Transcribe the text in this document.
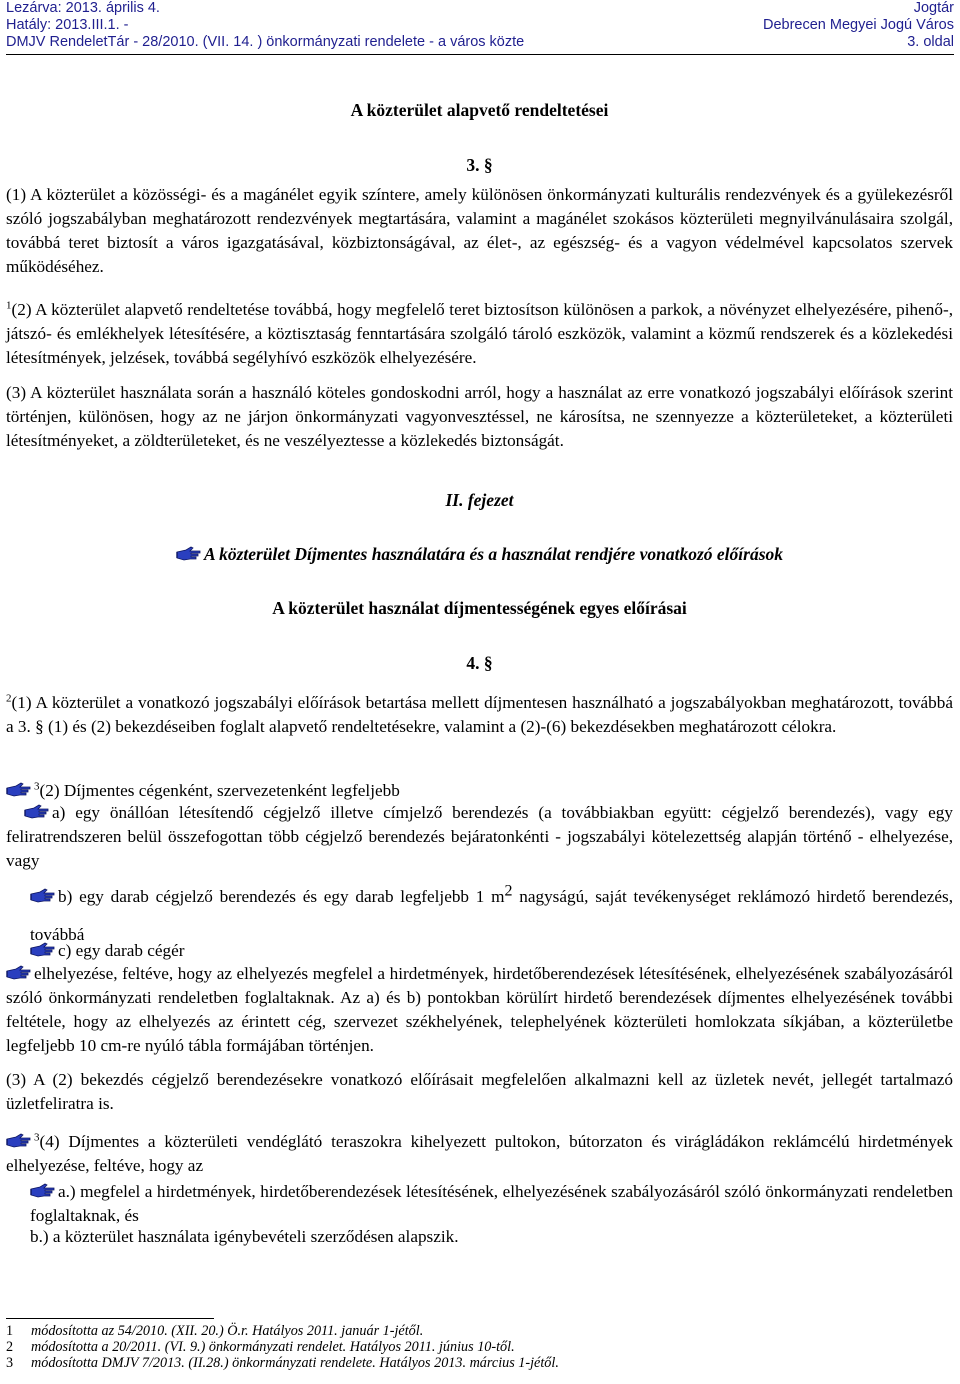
Lezárva: 2013. április 4.
Hatály: 2013.III.1. -
DMJV RendeletTár - 28/2010. (VII. 14. ) önkormányzati rendelete - a város közte
Jogtár
Debrecen Megyei Jogú Város
3. oldal
A közterület alapvető rendeltetései
3. §

(1) A közterület a közösségi- és a magánélet egyik színtere, amely különösen önkormányzati kulturális rendezvények és a gyülekezésről szóló jogszabályban meghatározott rendezvények megtartására, valamint a magánélet szokásos közterületi megnyilvánulásaira szolgál, továbbá teret biztosít a város igazgatásával, közbiztonságával, az élet-, az egészség- és a vagyon védelmével kapcsolatos szervek működéséhez.

$^1$(2) A közterület alapvető rendeltetése továbbá, hogy megfelelő teret biztosítson különösen a parkok, a növényzet elhelyezésére, pihenő-, játszó- és emlékhelyek létesítésére, a köztisztaság fenntartására szolgáló tároló eszközök, valamint a közmű rendszerek és a közlekedési létesítmények, jelzések, továbbá segélyhívó eszközök elhelyezésére.

(3) A közterület használata során a használó köteles gondoskodni arról, hogy a használat az erre vonatkozó jogszabályi előírások szerint történjen, különösen, hogy az ne járjon önkormányzati vagyonvesztéssel, ne károsítsa, ne szennyezze a közterületeket, a közterületi létesítményeket, a zöldterületeket, és ne veszélyeztesse a közlekedés biztonságát.

II. fejezet
A közterület Díjmentes használatára és a használat rendjére vonatkozó előírások
A közterület használat díjmentességének egyes előírásai
4. §

$^2$(1) A közterület a vonatkozó jogszabályi előírások betartása mellett díjmentesen használható a jogszabályokban meghatározott, továbbá a 3. § (1) és (2) bekezdéseiben foglalt alapvető rendeltetésekre, valamint a (2)-(6) bekezdésekben meghatározott célokra.

$^3$(2) Díjmentes cégenként, szervezetenként legfeljebb

a) egy önállóan létesítendő cégjelző illetve címjelző berendezés (a továbbiakban együtt: cégjelző berendezés), vagy egy feliratrendszeren belül összefogottan több cégjelző berendezés bejáratonkénti - jogszabályi kötelezettség alapján történő - elhelyezése, vagy

b) egy darab cégjelző berendezés és egy darab legfeljebb 1 m2 nagyságú, saját tevékenységet reklámozó hirdető berendezés, továbbá

c) egy darab cégér

elhelyezése, feltéve, hogy az elhelyezés megfelel a hirdetmények, hirdetőberendezések létesítésének, elhelyezésének szabályozásáról szóló önkormányzati rendeletben foglaltaknak. Az a) és b) pontokban körülírt hirdető berendezések díjmentes elhelyezésének további feltétele, hogy az elhelyezés az érintett cég, szervezet székhelyének, telephelyének közterületi homlokzata síkjában, a közterületbe legfeljebb 10 cm-re nyúló tábla formájában történjen.

(3) A (2) bekezdés cégjelző berendezésekre vonatkozó előírásait megfelelően alkalmazni kell az üzletek nevét, jellegét tartalmazó üzletfeliratra is.

$^3$(4) Díjmentes a közterületi vendéglátó teraszokra kihelyezett pultokon, bútorzaton és virágládákon reklámcélú hirdetmények elhelyezése, feltéve, hogy az

a.) megfelel a hirdetmények, hirdetőberendezések létesítésének, elhelyezésének szabályozásáról szóló önkormányzati rendeletben foglaltaknak, és

b.) a közterület használata igénybevételi szerződésen alapszik.
1 módosította az 54/2010. (XII. 20.) Ö.r. Hatályos 2011. január 1-jétől.
2 módosította a 20/2011. (VI. 9.) önkormányzati rendelet. Hatályos 2011. június 10-től.
3 módosította DMJV 7/2013. (II.28.) önkormányzati rendelete. Hatályos 2013. március 1-jétől.
